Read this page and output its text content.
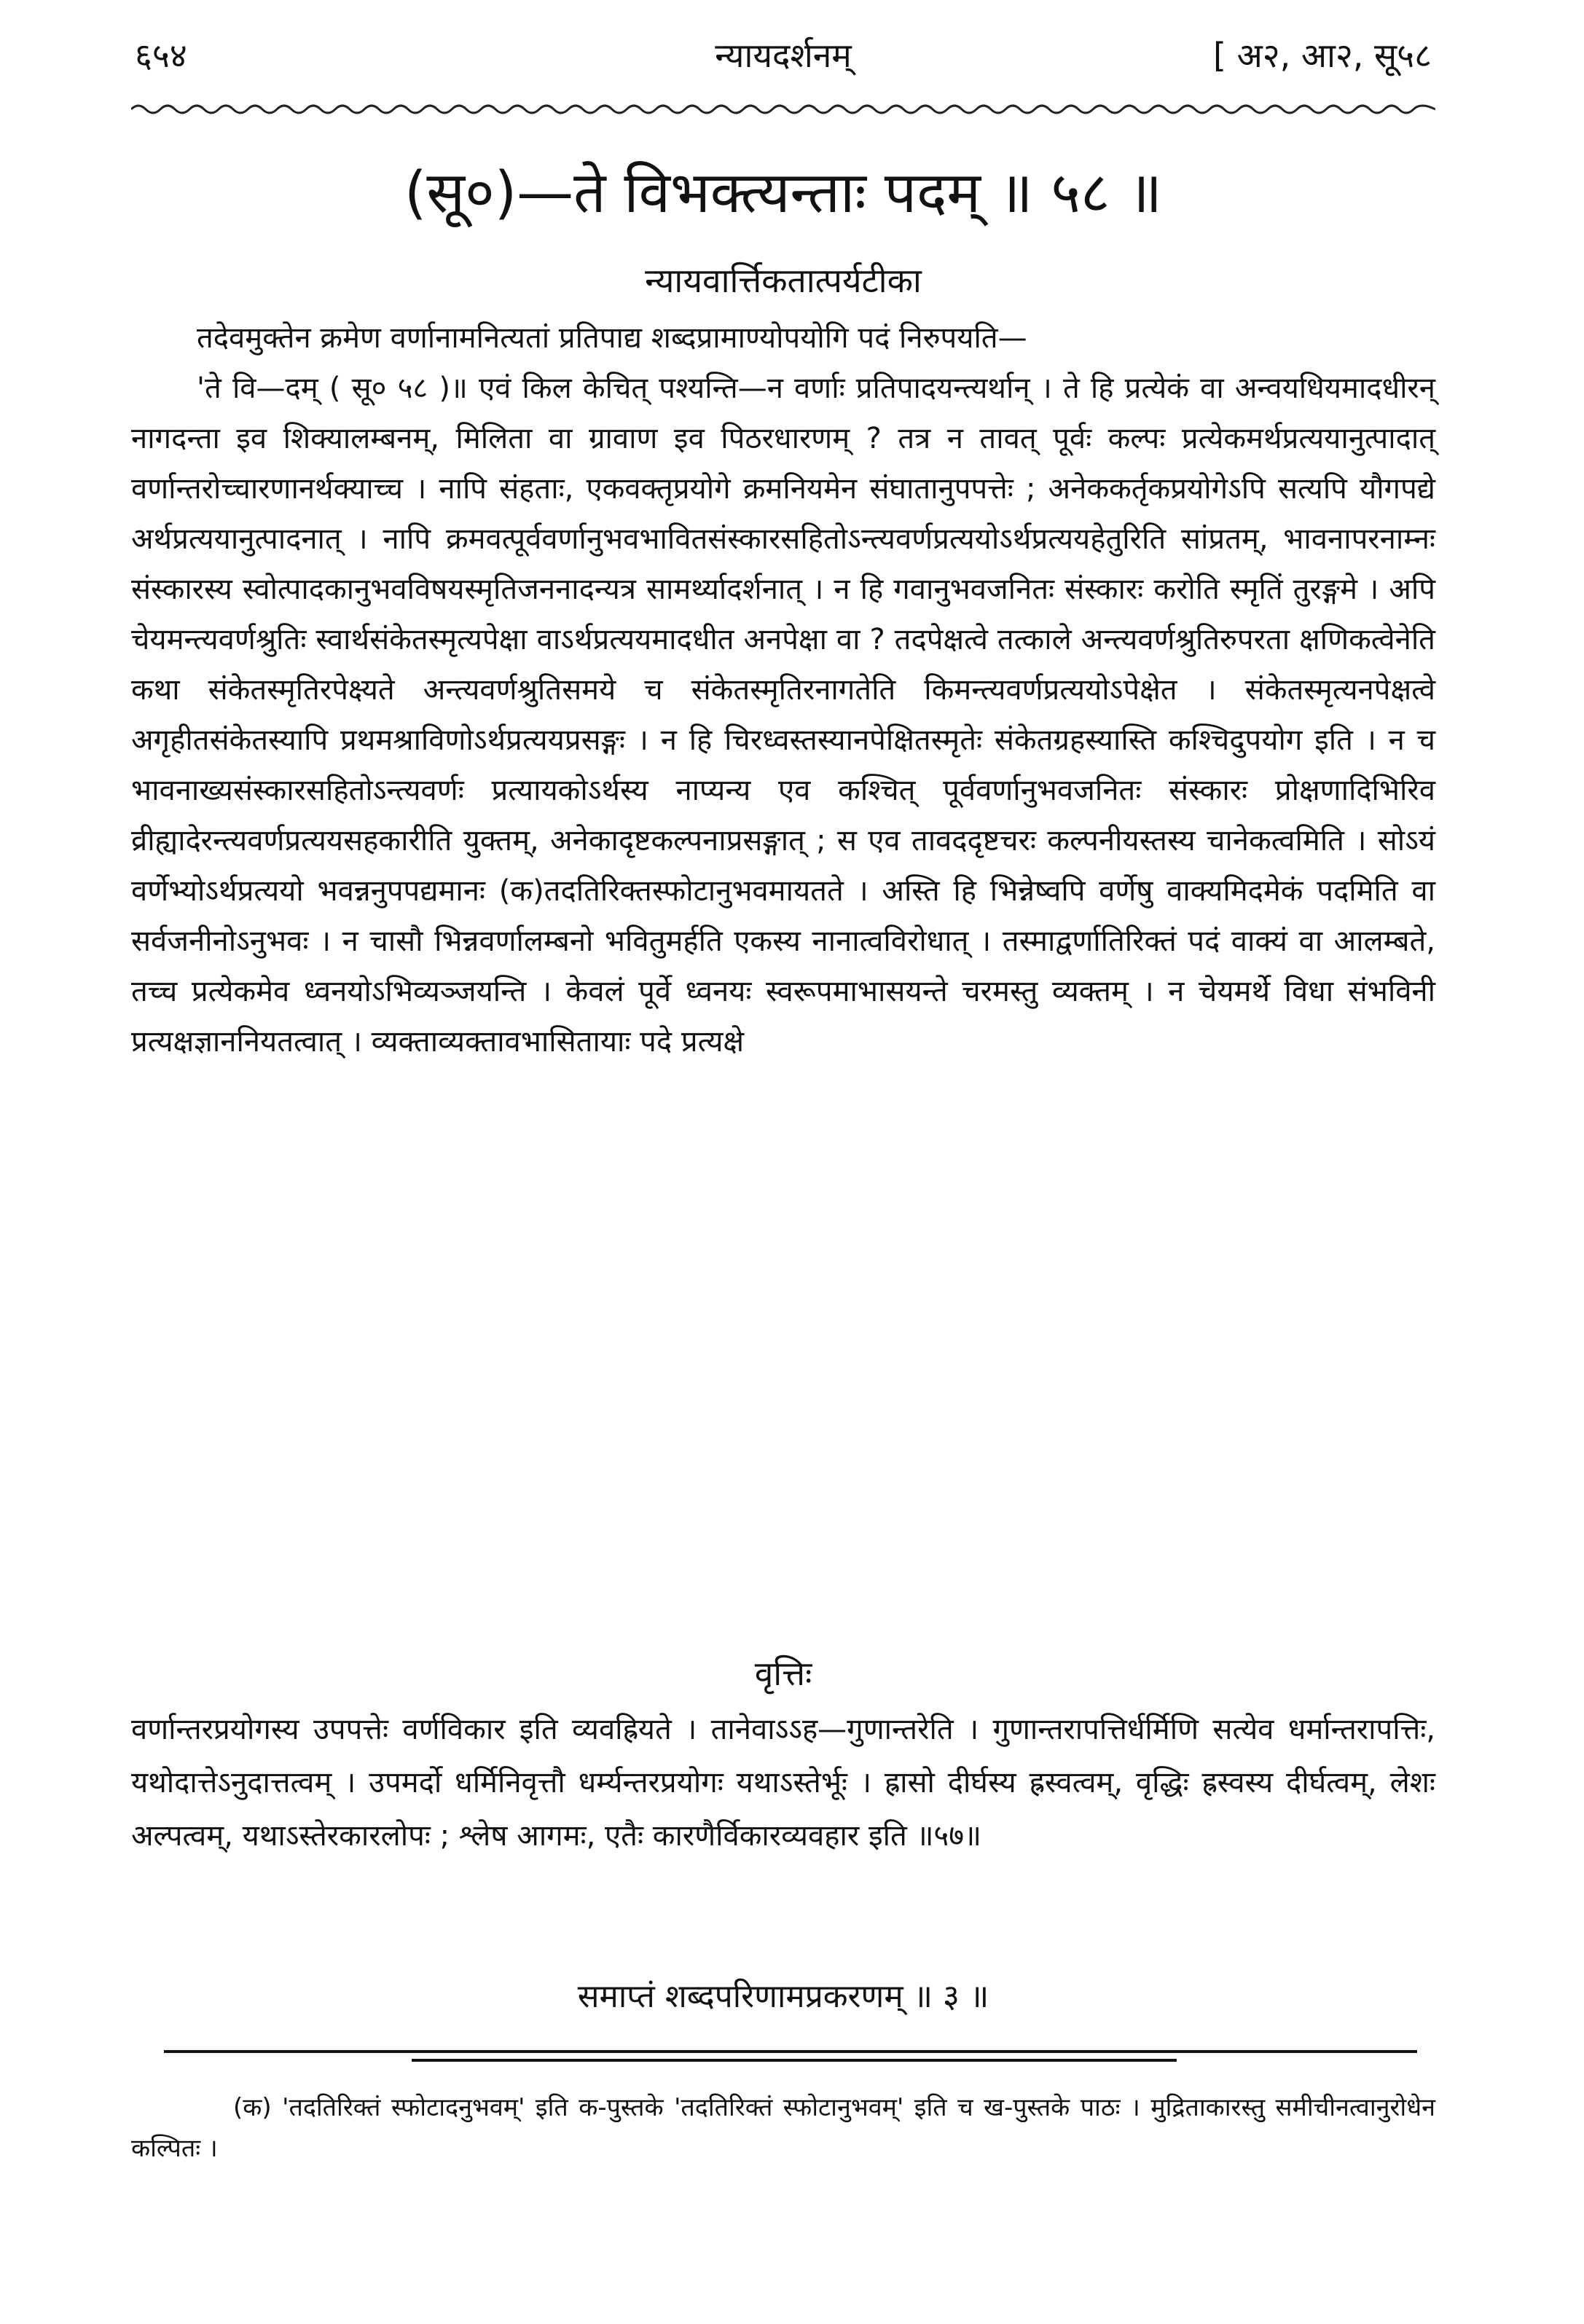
६५४	न्यायदर्शनम्	[ अ२, आ२, सू५८
(सू०)—ते विभक्त्यन्ताः पदम् ॥ ५८ ॥
न्यायवार्त्तिकतात्पर्यटीका

तदेवमुक्तेन क्रमेण वर्णानामनित्यतां प्रतिपाद्य शब्दप्रामाण्योपयोगि पदं निरुपयति—

'ते वि—दम् ( सू० ५८ )॥ एवं किल केचित् पश्यन्ति—न वर्णाः प्रतिपादयन्त्यर्थान् । ते हि प्रत्येकं वा अन्वयधियमादधीरन् नागदन्ता इव शिक्यालम्बनम्, मिलिता वा ग्रावाण इव पिठरधारणम् ? तत्र न तावत् पूर्वः कल्पः प्रत्येकमर्थप्रत्ययानुत्पादात् वर्णान्तरोच्चारणानर्थक्याच्च । नापि संहताः, एकवक्तृप्रयोगे क्रमनियमेन संघातानुपपत्तेः ; अनेककर्तृकप्रयोगेऽपि सत्यपि यौगपद्ये अर्थप्रत्ययानुत्पादनात् । नापि क्रमवत्पूर्ववर्णानुभवभावितसंस्कारसहितोऽन्त्यवर्णप्रत्ययोऽर्थप्रत्ययहेतुरिति सांप्रतम्, भावनापरनाम्नः संस्कारस्य स्वोत्पादकानुभवविषयस्मृतिजननादन्यत्र सामर्थ्यादर्शनात् । न हि गवानुभवजनितः संस्कारः करोति स्मृतिं तुरङ्गमे । अपि चेयमन्त्यवर्णश्रुतिः स्वार्थसंकेतस्मृत्यपेक्षा वाऽर्थप्रत्ययमादधीत अनपेक्षा वा ? तदपेक्षत्वे तत्काले अन्त्यवर्णश्रुतिरुपरता क्षणिकत्वेनेति कथा संकेतस्मृतिरपेक्ष्यते अन्त्यवर्णश्रुतिसमये च संकेतस्मृतिरनागतेति किमन्त्यवर्णप्रत्ययोऽपेक्षेत । संकेतस्मृत्यनपेक्षत्वे अगृहीतसंकेतस्यापि प्रथमश्राविणोऽर्थप्रत्ययप्रसङ्गः । न हि चिरध्वस्तस्यानपेक्षितस्मृतेः संकेतग्रहस्यास्ति कश्चिदुपयोग इति । न च भावनाख्यसंस्कारसहितोऽन्त्यवर्णः प्रत्यायकोऽर्थस्य नाप्यन्य एव कश्चित् पूर्ववर्णानुभवजनितः संस्कारः प्रोक्षणादिभिरिव व्रीह्यादेरन्त्यवर्णप्रत्ययसहकारीति युक्तम्, अनेकादृष्टकल्पनाप्रसङ्गात् ; स एव तावददृष्टचरः कल्पनीयस्तस्य चानेकत्वमिति । सोऽयं वर्णेभ्योऽर्थप्रत्ययो भवन्ननुपपद्यमानः (क)तदतिरिक्तस्फोटानुभवमायतते । अस्ति हि भिन्नेष्वपि वर्णेषु वाक्यमिदमेकं पदमिति वा सर्वजनीनोऽनुभवः । न चासौ भिन्नवर्णालम्बनो भवितुमर्हति एकस्य नानात्वविरोधात् । तस्माद्वर्णातिरिक्तं पदं वाक्यं वा आलम्बते, तच्च प्रत्येकमेव ध्वनयोऽभिव्यञ्जयन्ति । केवलं पूर्वे ध्वनयः स्वरूपमाभासयन्ते चरमस्तु व्यक्तम् । न चेयमर्थे विधा संभविनी प्रत्यक्षज्ञाननियतत्वात् । व्यक्ताव्यक्तावभासितायाः पदे प्रत्यक्षे

वृत्तिः

वर्णान्तरप्रयोगस्य उपपत्तेः वर्णविकार इति व्यवह्रियते । तानेवाऽऽह—गुणान्तरेति । गुणान्तरापत्तिर्धर्मिणि सत्येव धर्मान्तरापत्तिः, यथोदात्तेऽनुदात्तत्वम् । उपमर्दो धर्मिनिवृत्तौ धर्म्यन्तरप्रयोगः यथाऽस्तेर्भूः । ह्रासो दीर्घस्य ह्रस्वत्वम्, वृद्धिः ह्रस्वस्य दीर्घत्वम्, लेशः अल्पत्वम्, यथाऽस्तेरकारलोपः ; श्लेष आगमः, एतैः कारणैर्विकारव्यवहार इति ॥५७॥

समाप्तं शब्दपरिणामप्रकरणम् ॥ ३ ॥

(क) 'तदतिरिक्तं स्फोटादनुभवम्' इति क-पुस्तके 'तदतिरिक्तं स्फोटानुभवम्' इति च ख-पुस्तके पाठः । मुद्रिताकारस्तु समीचीनत्वानुरोधेन कल्पितः ।
